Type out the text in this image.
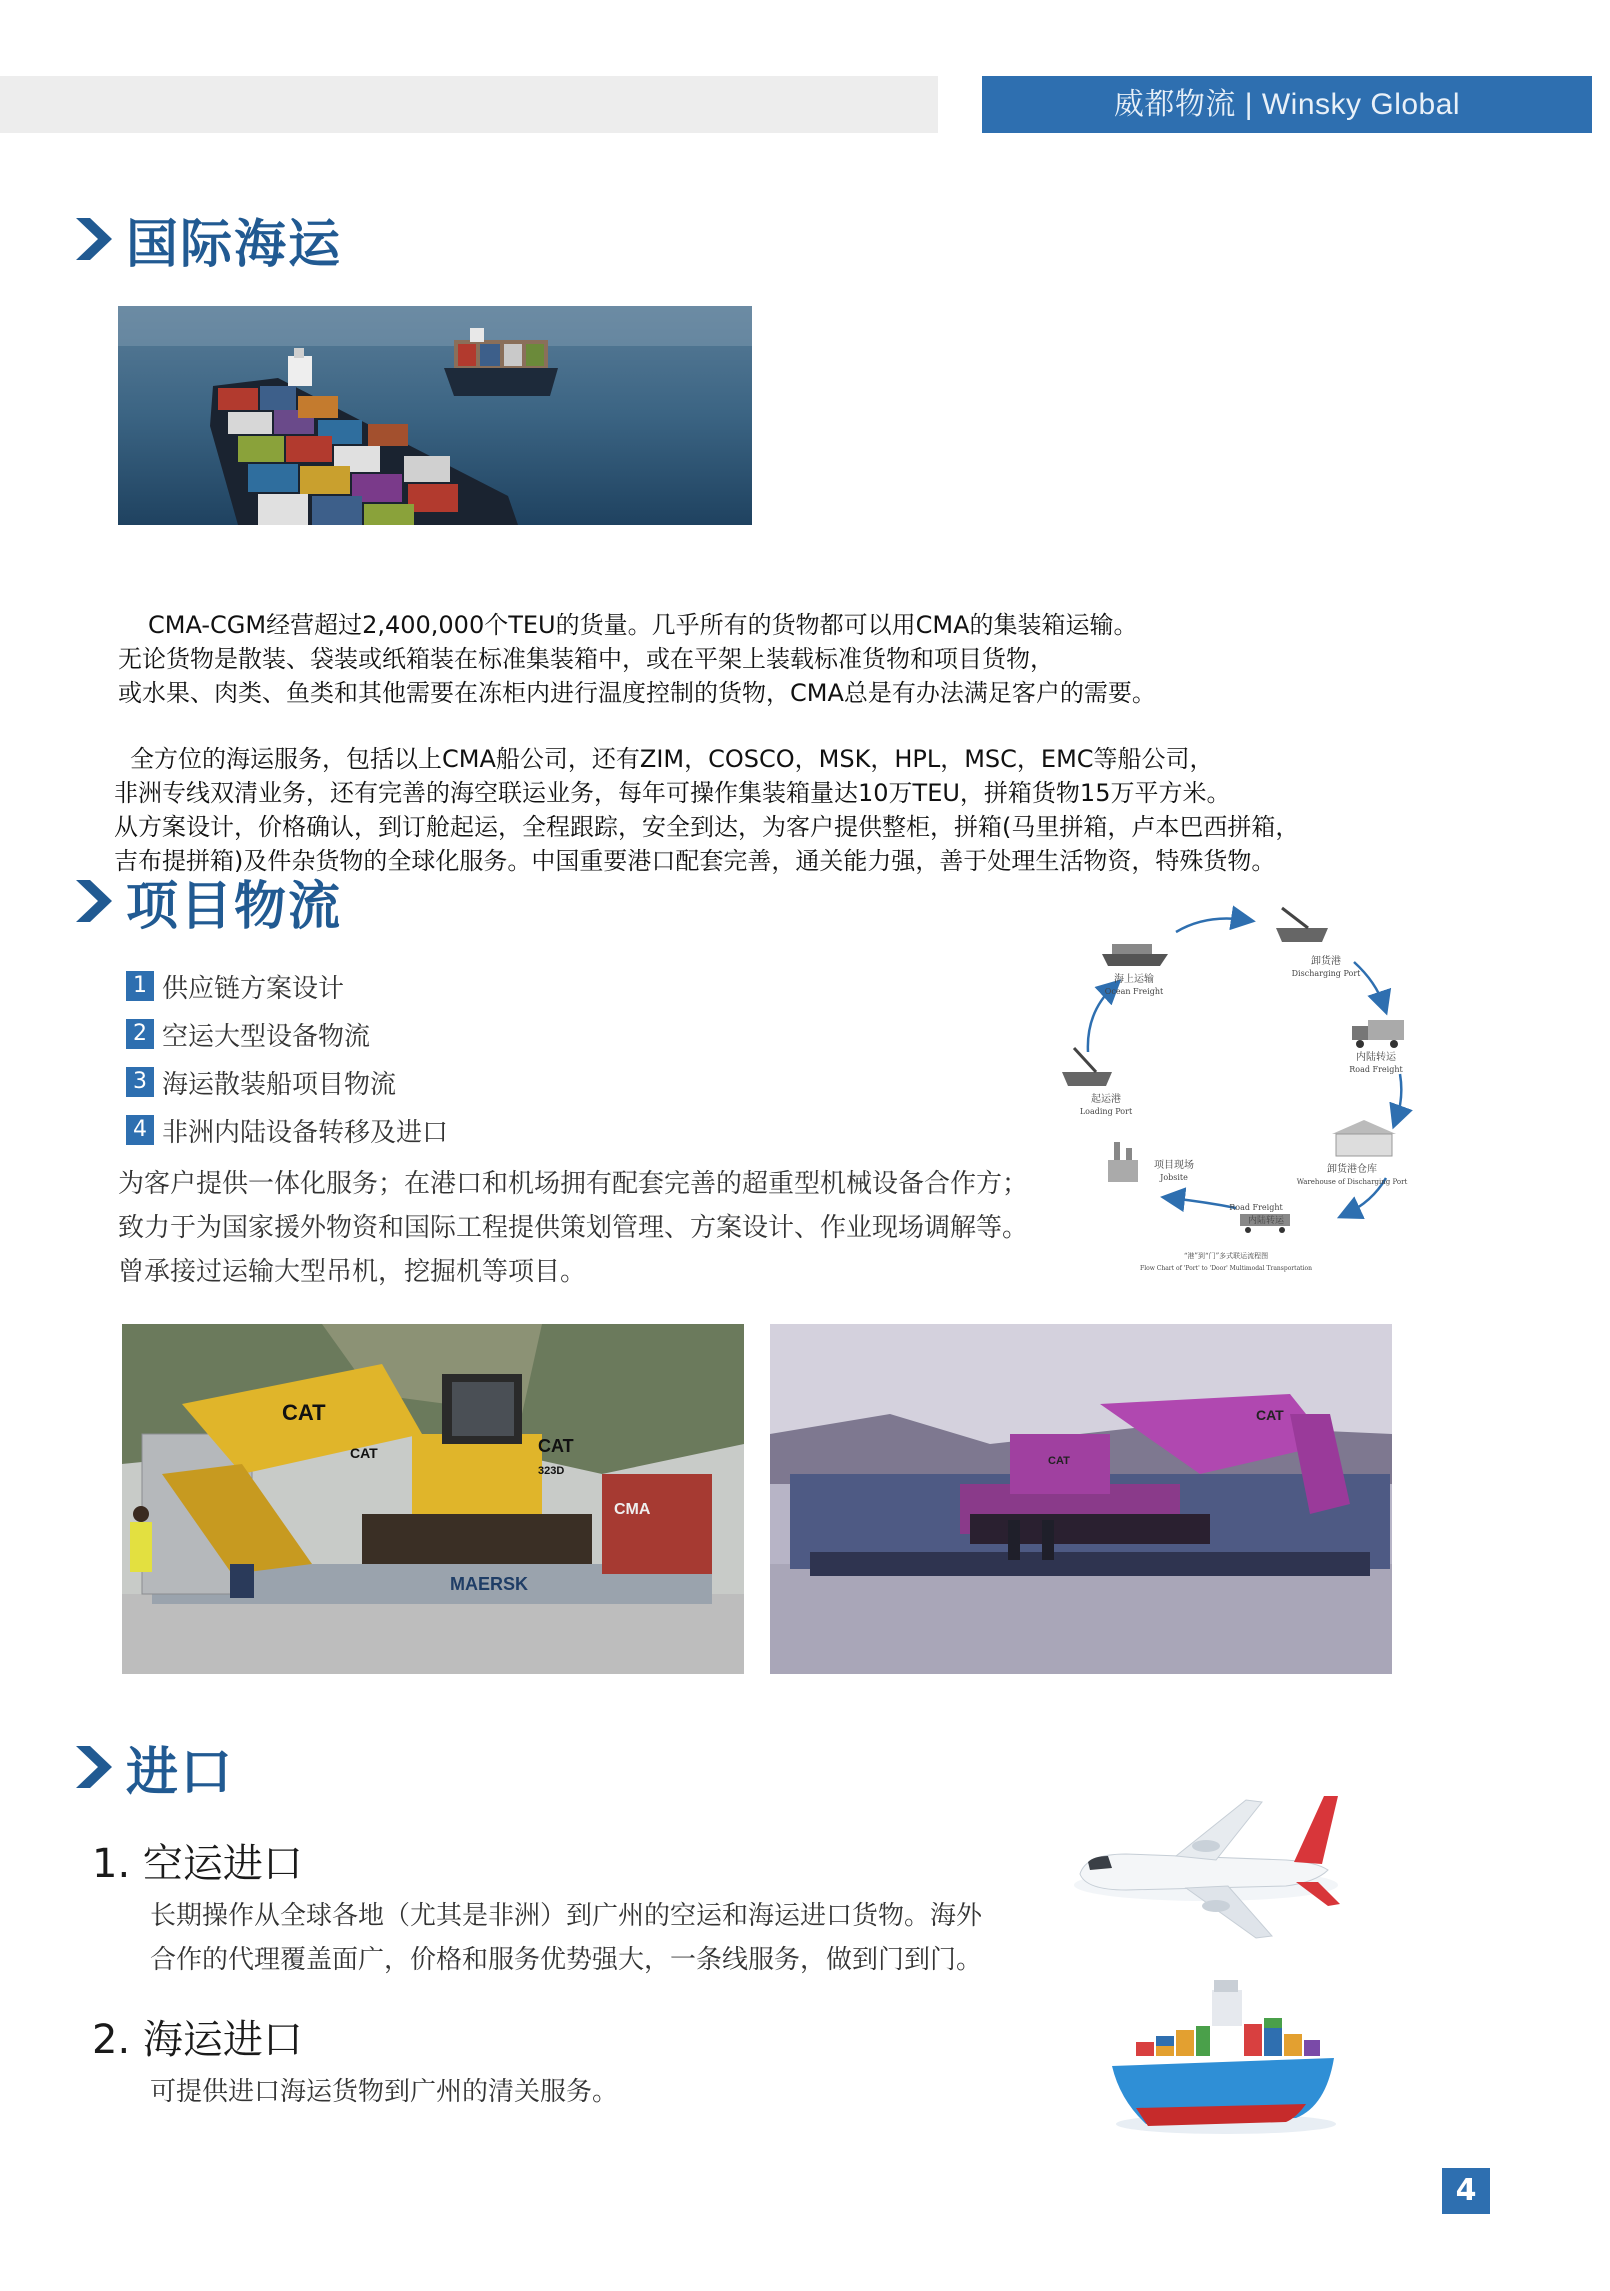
威都物流 | Winsky Global
国际海运

CMA-CGM经营超过2,400,000个TEU的货量。几乎所有的货物都可以用CMA的集装箱运输。
无论货物是散装、袋装或纸箱装在标准集装箱中，或在平架上装载标准货物和项目货物，
或水果、肉类、鱼类和其他需要在冻柜内进行温度控制的货物，CMA总是有办法满足客户的需要。

全方位的海运服务，包括以上CMA船公司，还有ZIM，COSCO，MSK，HPL，MSC，EMC等船公司，
非洲专线双清业务，还有完善的海空联运业务，每年可操作集装箱量达10万TEU，拼箱货物15万平方米。
从方案设计，价格确认，到订舱起运，全程跟踪，安全到达，为客户提供整柜，拼箱(马里拼箱，卢本巴西拼箱，
吉布提拼箱)及件杂货物的全球化服务。中国重要港口配套完善，通关能力强，善于处理生活物资，特殊货物。

项目物流
1 供应链方案设计
2 空运大型设备物流
3 海运散装船项目物流
4 非洲内陆设备转移及进口
为客户提供一体化服务；在港口和机场拥有配套完善的超重型机械设备合作方；
致力于为国家援外物资和国际工程提供策划管理、方案设计、作业现场调解等。
曾承接过运输大型吊机，挖掘机等项目。
海上运输
Ocean Freight
卸货港
Discharging Port
内陆转运
Road Freight
卸货港仓库
Warehouse of Discharging Port
Road Freight
内陆转运
项目现场
Jobsite
起运港
Loading Port
“港”到“门”多式联运流程图
Flow Chart of 'Port' to 'Door' Multimodal Transportation
CAT
CAT	CAT
323D
CMA
MAERSK
CAT
CAT
进口
1. 空运进口
长期操作从全球各地（尤其是非洲）到广州的空运和海运进口货物。海外
合作的代理覆盖面广，价格和服务优势强大，一条线服务，做到门到门。
2. 海运进口
可提供进口海运货物到广州的清关服务。
4
